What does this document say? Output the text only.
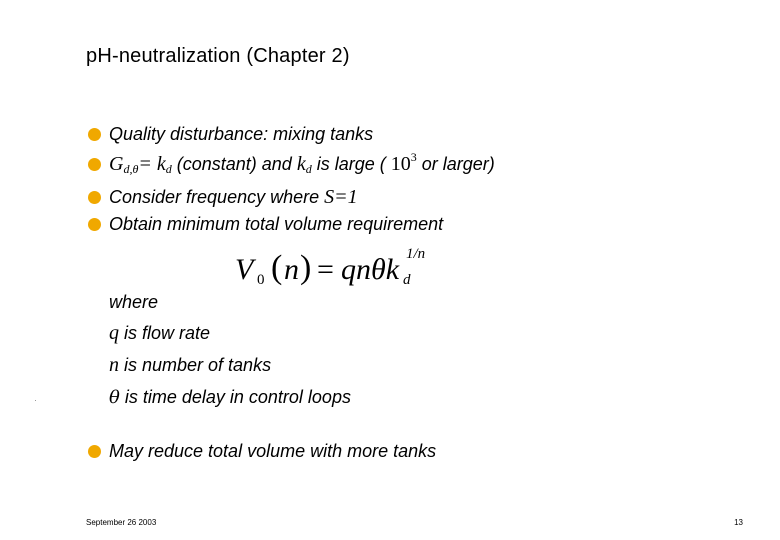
pH-neutralization (Chapter 2)
Quality disturbance: mixing tanks
G d,θ = k d (constant) and k d is large ( 10 3 or larger)
Consider frequency where S=1
Obtain minimum total volume requirement
V 0 ( n ) = qnθk d
1/n
where
q is flow rate
n is number of tanks
θ is time delay in control loops
May reduce total volume with more tanks
September 26 2003	13
